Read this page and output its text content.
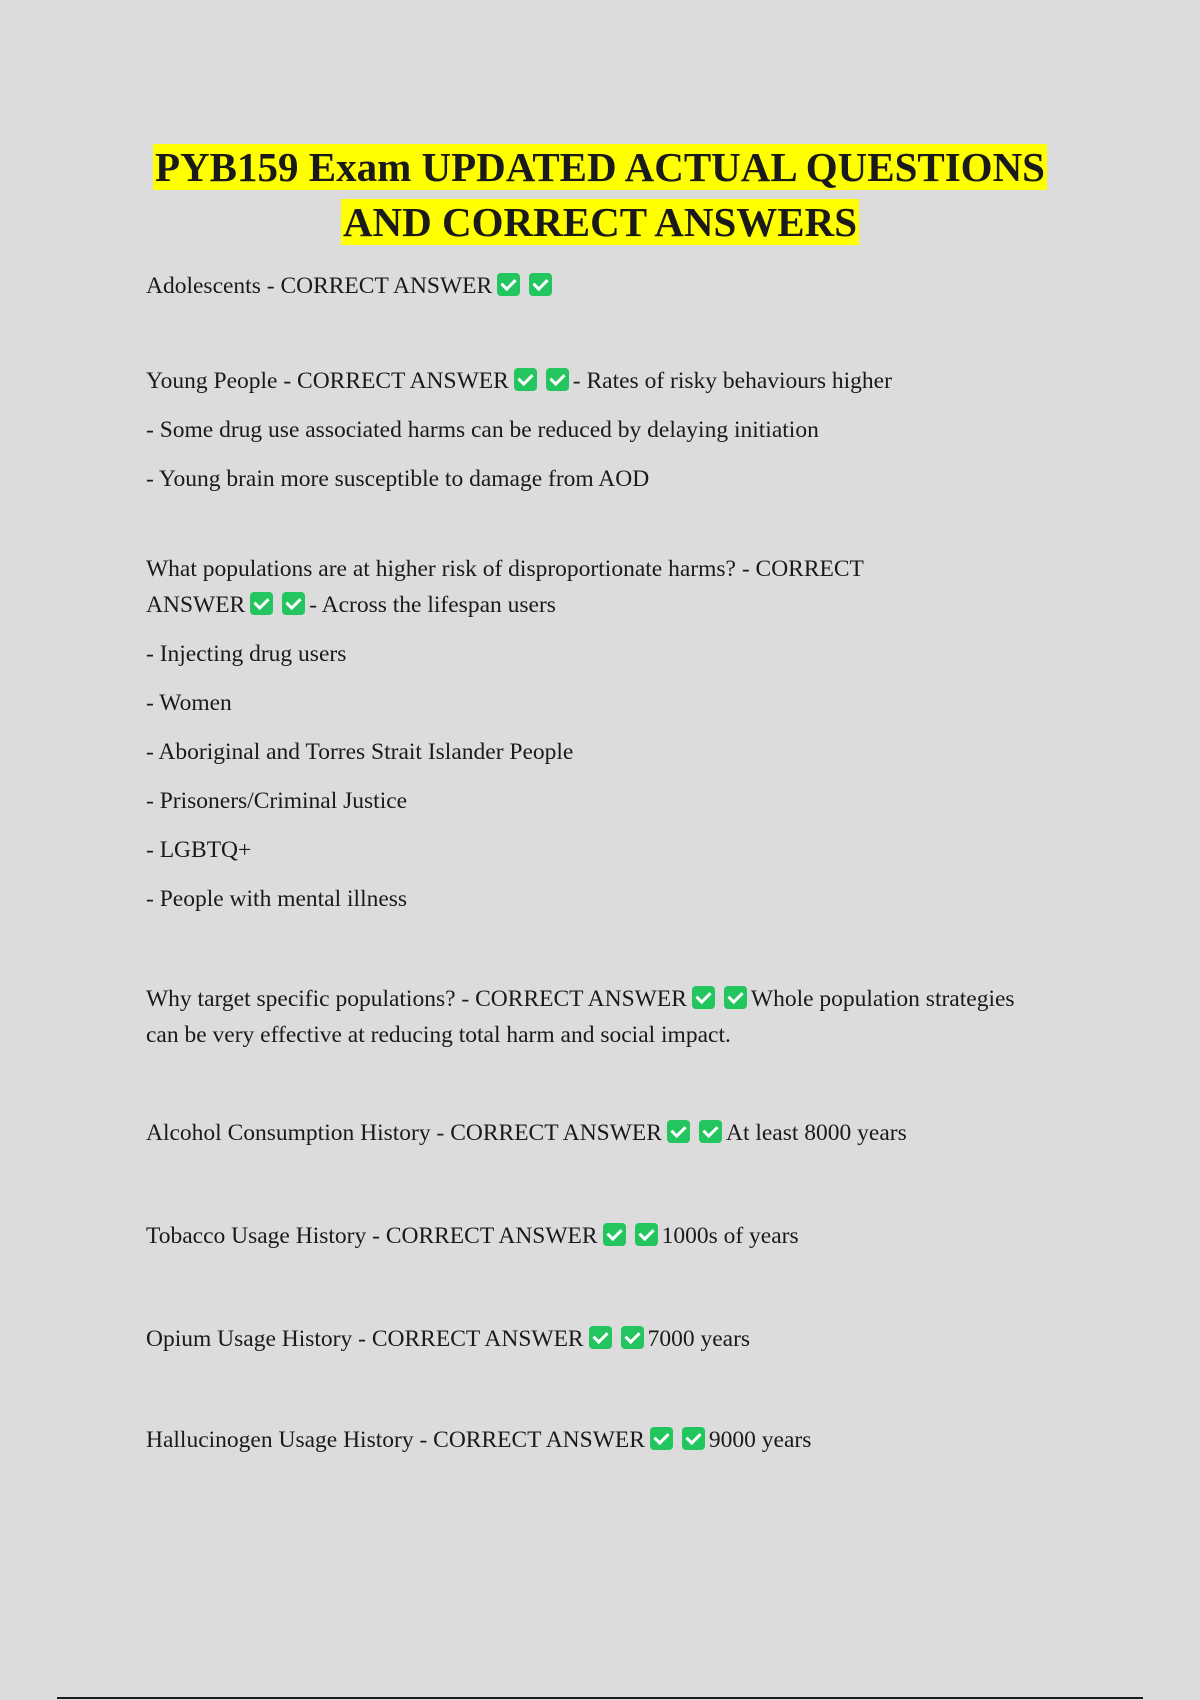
PYB159 Exam UPDATED ACTUAL QUESTIONS
AND CORRECT ANSWERS

Adolescents - CORRECT ANSWER

Young People - CORRECT ANSWER	- Rates of risky behaviours higher

- Some drug use associated harms can be reduced by delaying initiation

- Young brain more susceptible to damage from AOD

What populations are at higher risk of disproportionate harms? - CORRECT

ANSWER	- Across the lifespan users

- Injecting drug users

- Women

- Aboriginal and Torres Strait Islander People

- Prisoners/Criminal Justice

- LGBTQ+

- People with mental illness

Why target specific populations? - CORRECT ANSWER	Whole population strategies

can be very effective at reducing total harm and social impact.

Alcohol Consumption History - CORRECT ANSWER	At least 8000 years

Tobacco Usage History - CORRECT ANSWER	1000s of years

Opium Usage History - CORRECT ANSWER	7000 years

Hallucinogen Usage History - CORRECT ANSWER	9000 years
